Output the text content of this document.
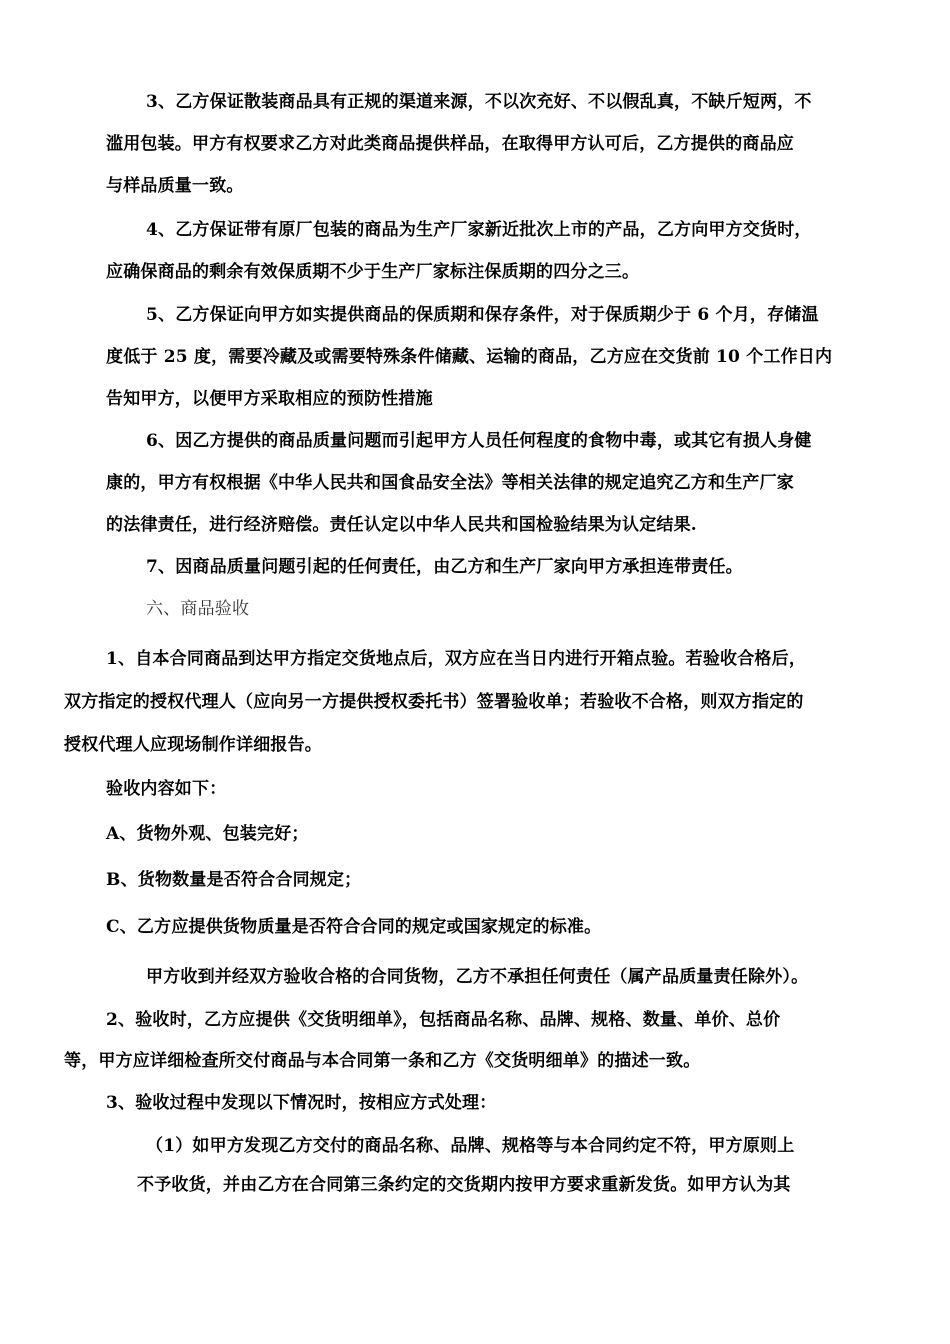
3、乙方保证散装商品具有正规的渠道来源，不以次充好、不以假乱真，不缺斤短两，不
滥用包装。甲方有权要求乙方对此类商品提供样品，在取得甲方认可后，乙方提供的商品应
与样品质量一致。
4、乙方保证带有原厂包装的商品为生产厂家新近批次上市的产品，乙方向甲方交货时，
应确保商品的剩余有效保质期不少于生产厂家标注保质期的四分之三。
5、乙方保证向甲方如实提供商品的保质期和保存条件，对于保质期少于 6 个月，存储温
度低于 25 度，需要冷藏及或需要特殊条件储藏、运输的商品，乙方应在交货前 10 个工作日内
告知甲方，以便甲方采取相应的预防性措施
6、因乙方提供的商品质量问题而引起甲方人员任何程度的食物中毒，或其它有损人身健
康的，甲方有权根据《中华人民共和国食品安全法》等相关法律的规定追究乙方和生产厂家
的法律责任，进行经济赔偿。责任认定以中华人民共和国检验结果为认定结果.
7、因商品质量问题引起的任何责任，由乙方和生产厂家向甲方承担连带责任。
六、商品验收
1、自本合同商品到达甲方指定交货地点后，双方应在当日内进行开箱点验。若验收合格后，
双方指定的授权代理人（应向另一方提供授权委托书）签署验收单；若验收不合格，则双方指定的
授权代理人应现场制作详细报告。
验收内容如下：
A、货物外观、包装完好；
B、货物数量是否符合合同规定；
C、乙方应提供货物质量是否符合合同的规定或国家规定的标准。
甲方收到并经双方验收合格的合同货物，乙方不承担任何责任（属产品质量责任除外）。
2、验收时，乙方应提供《交货明细单》，包括商品名称、品牌、规格、数量、单价、总价
等，甲方应详细检查所交付商品与本合同第一条和乙方《交货明细单》的描述一致。
3、验收过程中发现以下情况时，按相应方式处理：
（1）如甲方发现乙方交付的商品名称、品牌、规格等与本合同约定不符，甲方原则上
不予收货，并由乙方在合同第三条约定的交货期内按甲方要求重新发货。如甲方认为其
